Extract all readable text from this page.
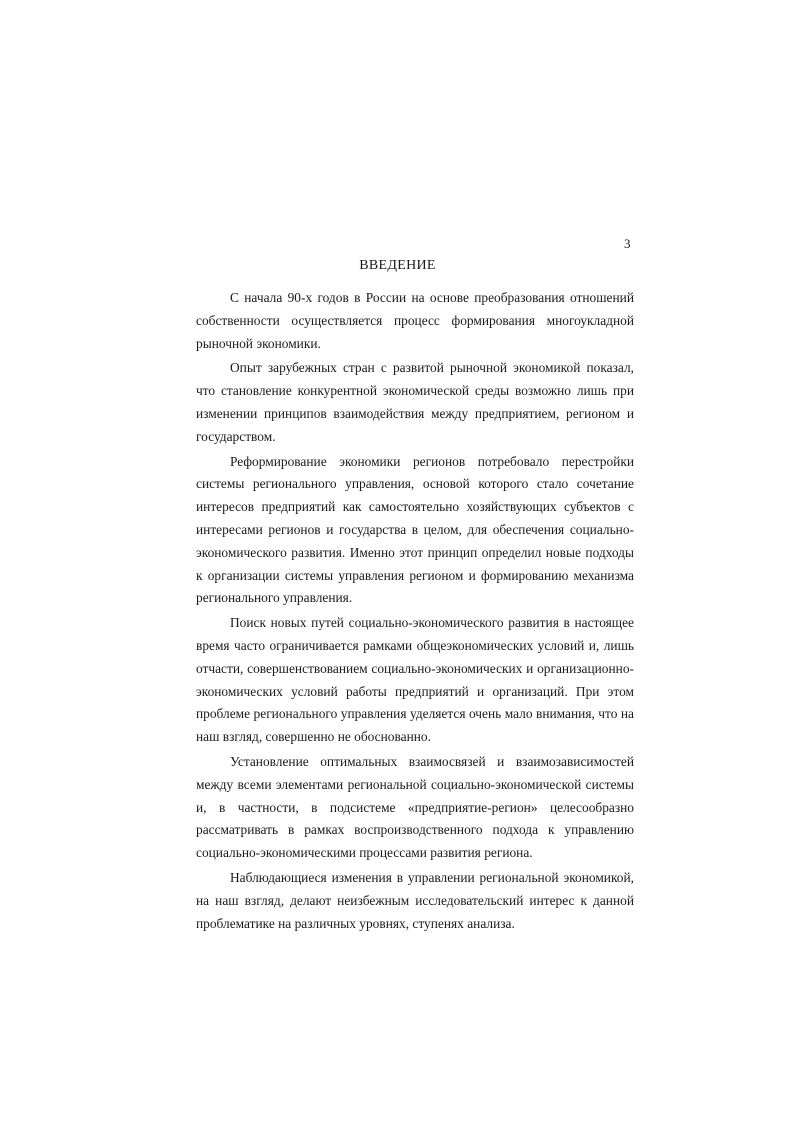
3
ВВЕДЕНИЕ

С начала 90-х годов в России на основе преобразования отношений собственности осуществляется процесс формирования многоукладной рыночной экономики.

Опыт зарубежных стран с развитой рыночной экономикой показал, что становление конкурентной экономической среды возможно лишь при изменении принципов взаимодействия между предприятием, регионом и государством.

Реформирование экономики регионов потребовало перестройки системы регионального управления, основой которого стало сочетание интересов предприятий как самостоятельно хозяйствующих субъектов с интересами регионов и государства в целом, для обеспечения социально-экономического развития. Именно этот принцип определил новые подходы к организации системы управления регионом и формированию механизма регионального управления.

Поиск новых путей социально-экономического развития в настоящее время часто ограничивается рамками общеэкономических условий и, лишь отчасти, совершенствованием социально-экономических и организационно-экономических условий работы предприятий и организаций. При этом проблеме регионального управления уделяется очень мало внимания, что на наш взгляд, совершенно не обоснованно.

Установление оптимальных взаимосвязей и взаимозависимостей между всеми элементами региональной социально-экономической системы и, в частности, в подсистеме «предприятие-регион» целесообразно рассматривать в рамках воспроизводственного подхода к управлению социально-экономическими процессами развития региона.

Наблюдающиеся изменения в управлении региональной экономикой, на наш взгляд, делают неизбежным исследовательский интерес к данной проблематике на различных уровнях, ступенях анализа.
